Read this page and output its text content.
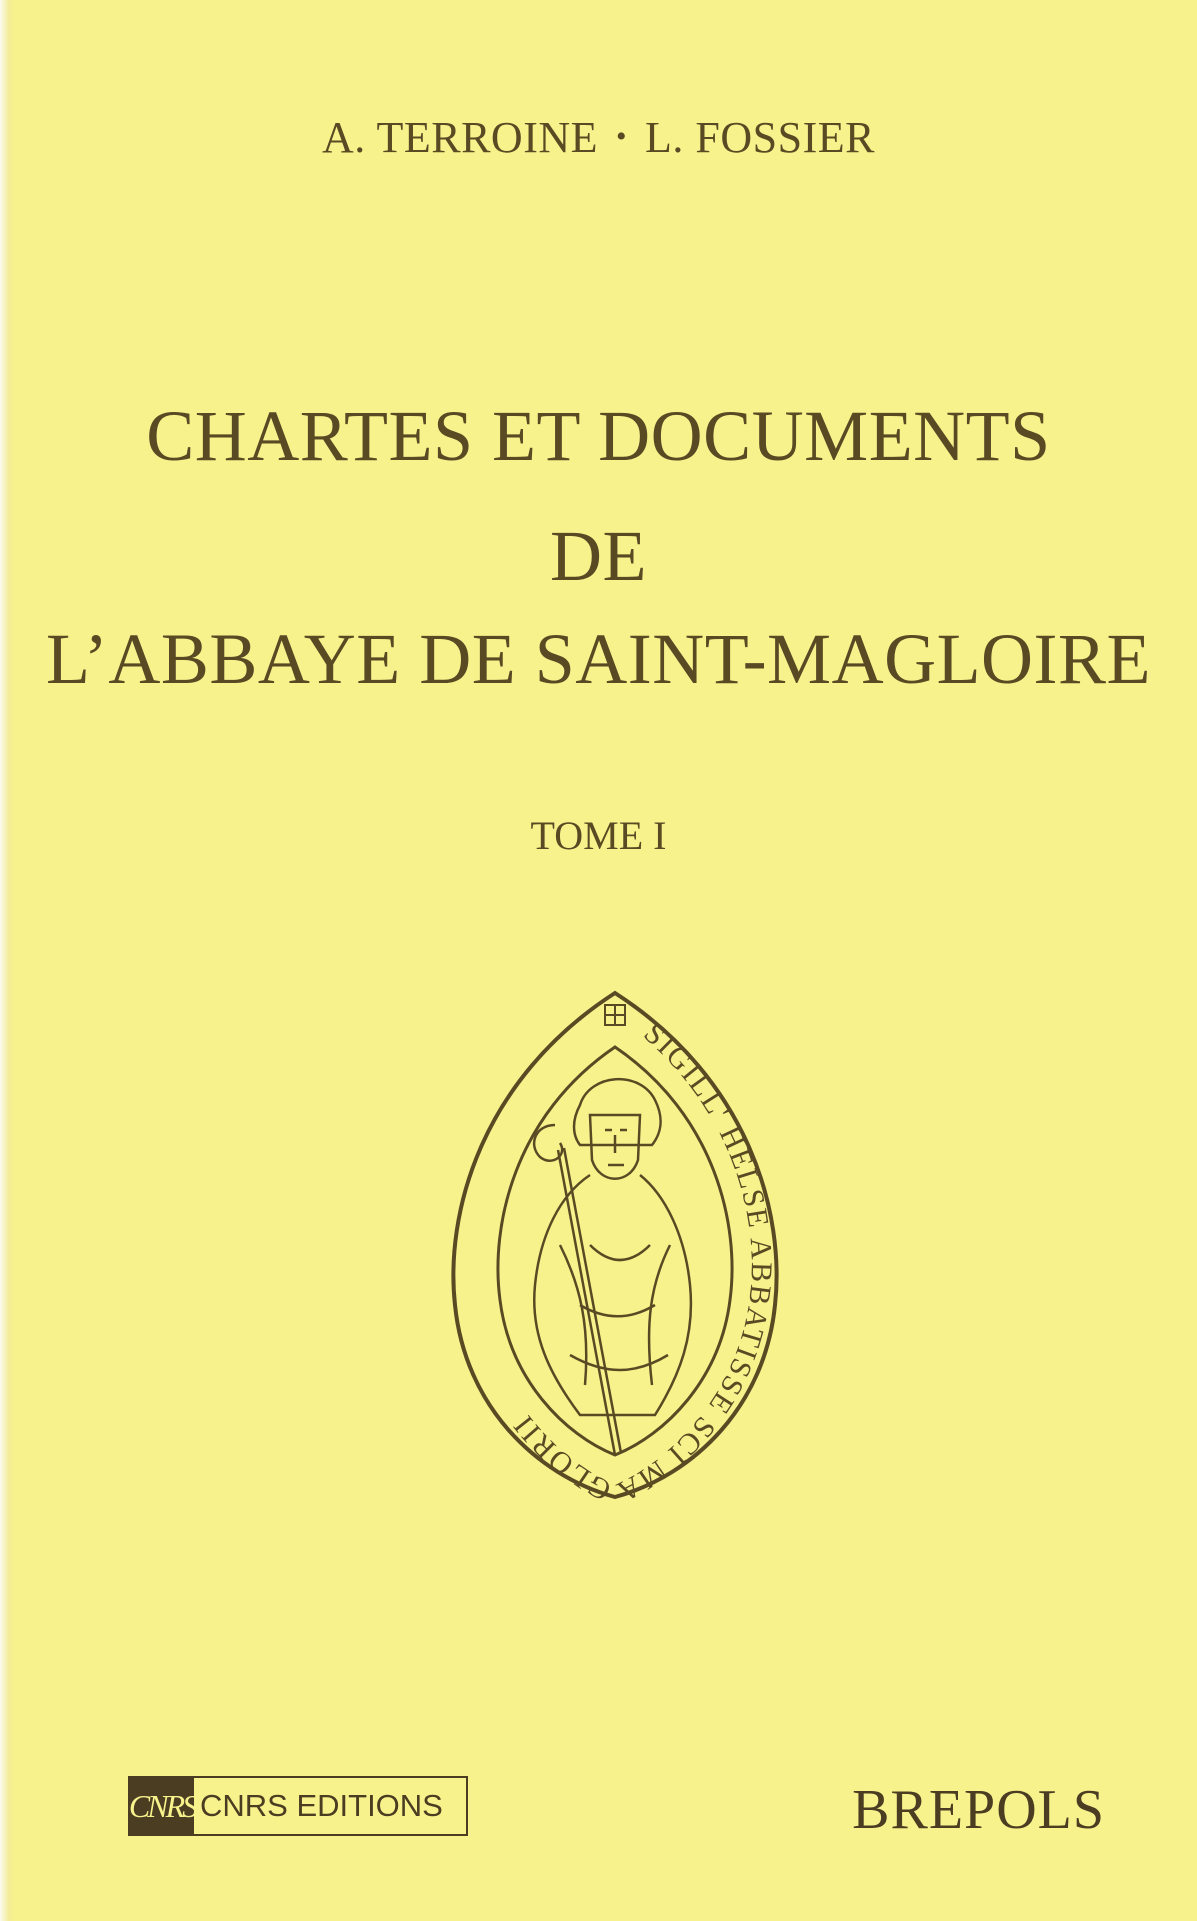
A. TERROINE • L. FOSSIER
CHARTES ET DOCUMENTS
DE
L’ABBAYE DE SAINT-MAGLOIRE
TOME I
SIGILL' HELSE ABBATISSE SCI MAGLORII
CNRS CNRS EDITIONS	BREPOLS
